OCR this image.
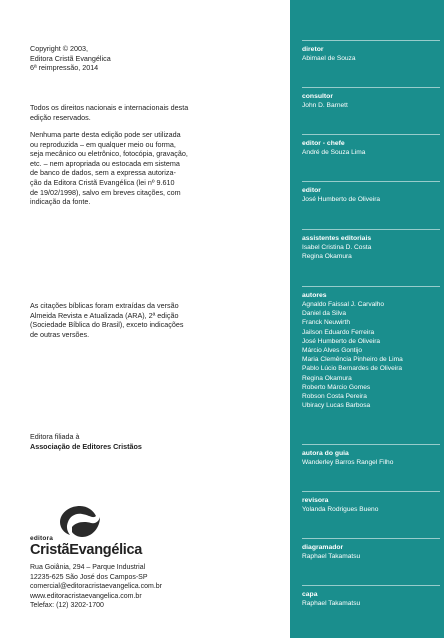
Copyright © 2003,

Editora Cristã Evangélica

6ª reimpressão, 2014

Todos os direitos nacionais e internacionais desta

edição reservados.

Nenhuma parte desta edição pode ser utilizada

ou reproduzida – em qualquer meio ou forma,

seja mecânico ou eletrônico, fotocópia, gravação,

etc. – nem apropriada ou estocada em sistema

de banco de dados, sem a expressa autoriza-

ção da Editora Cristã Evangélica (lei nº 9.610

de 19/02/1998), salvo em breves citações, com

indicação da fonte.

As citações bíblicas foram extraídas da versão

Almeida Revista e Atualizada (ARA), 2ª edição

(Sociedade Bíblica do Brasil), exceto indicações

de outras versões.

Editora filiada à

Associação de Editores Cristãos

editora
CristãEvangélica

Rua Goiânia, 294 – Parque Industrial

12235-625 São José dos Campos-SP

comercial@editoracristaevangelica.com.br

www.editoracristaevangelica.com.br

Telefax: (12) 3202-1700

diretor
Abimael de Souza
consultor
John D. Barnett
editor - chefe
André de Souza Lima
editor
José Humberto de Oliveira
assistentes editoriais
Isabel Cristina D. Costa
Regina Okamura
autores
Agnaldo Faissal J. Carvalho
Daniel da Silva
Franck Neuwirth
Jailson Eduardo Ferreira
José Humberto de Oliveira
Márcio Alves Gontijo
Maria Clemência Pinheiro de Lima
Pablo Lúcio Bernardes de Oliveira
Regina Okamura
Roberto Márcio Gomes
Robson Costa Pereira
Ubiracy Lucas Barbosa
autora do guia
Wanderley Barros Rangel Filho
revisora
Yolanda Rodrigues Bueno
diagramador
Raphael Takamatsu
capa
Raphael Takamatsu
